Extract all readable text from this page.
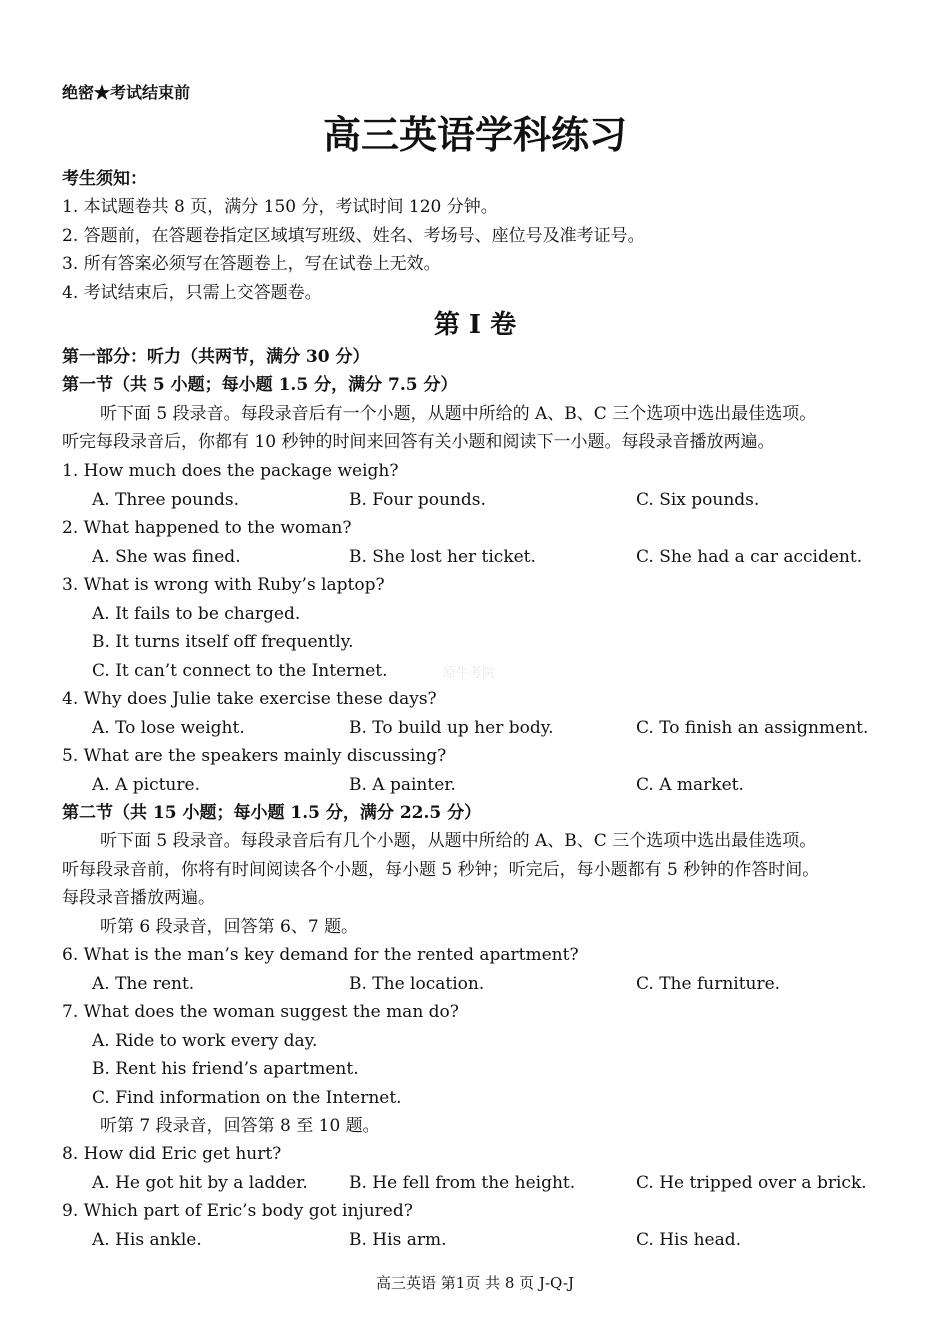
绝密★考试结束前
高三英语学科练习
考生须知：
1. 本试题卷共 8 页，满分 150 分，考试时间 120 分钟。
2. 答题前，在答题卷指定区域填写班级、姓名、考场号、座位号及准考证号。
3. 所有答案必须写在答题卷上，写在试卷上无效。
4. 考试结束后，只需上交答题卷。
第 I 卷
第一部分：听力（共两节，满分 30 分）
第一节（共 5 小题；每小题 1.5 分，满分 7.5 分）
听下面 5 段录音。每段录音后有一个小题，从题中所给的 A、B、C 三个选项中选出最佳选项。
听完每段录音后，你都有 10 秒钟的时间来回答有关小题和阅读下一小题。每段录音播放两遍。
1. How much does the package weigh?
A. Three pounds.	B. Four pounds.	C. Six pounds.
2. What happened to the woman?
A. She was fined.	B. She lost her ticket.	C. She had a car accident.
3. What is wrong with Ruby’s laptop?
A. It fails to be charged.
B. It turns itself off frequently.
C. It can’t connect to the Internet.	原牛考院
4. Why does Julie take exercise these days?
A. To lose weight.	B. To build up her body.	C. To finish an assignment.
5. What are the speakers mainly discussing?
A. A picture.	B. A painter.	C. A market.
第二节（共 15 小题；每小题 1.5 分，满分 22.5 分）
听下面 5 段录音。每段录音后有几个小题，从题中所给的 A、B、C 三个选项中选出最佳选项。
听每段录音前，你将有时间阅读各个小题，每小题 5 秒钟；听完后，每小题都有 5 秒钟的作答时间。
每段录音播放两遍。
听第 6 段录音，回答第 6、7 题。
6. What is the man’s key demand for the rented apartment?
A. The rent.	B. The location.	C. The furniture.
7. What does the woman suggest the man do?
A. Ride to work every day.
B. Rent his friend’s apartment.
C. Find information on the Internet.
听第 7 段录音，回答第 8 至 10 题。
8. How did Eric get hurt?
A. He got hit by a ladder. B. He fell from the height.	C. He tripped over a brick.
9. Which part of Eric’s body got injured?
A. His ankle.	B. His arm.	C. His head.
高三英语 第1页 共 8 页 J-Q-J
